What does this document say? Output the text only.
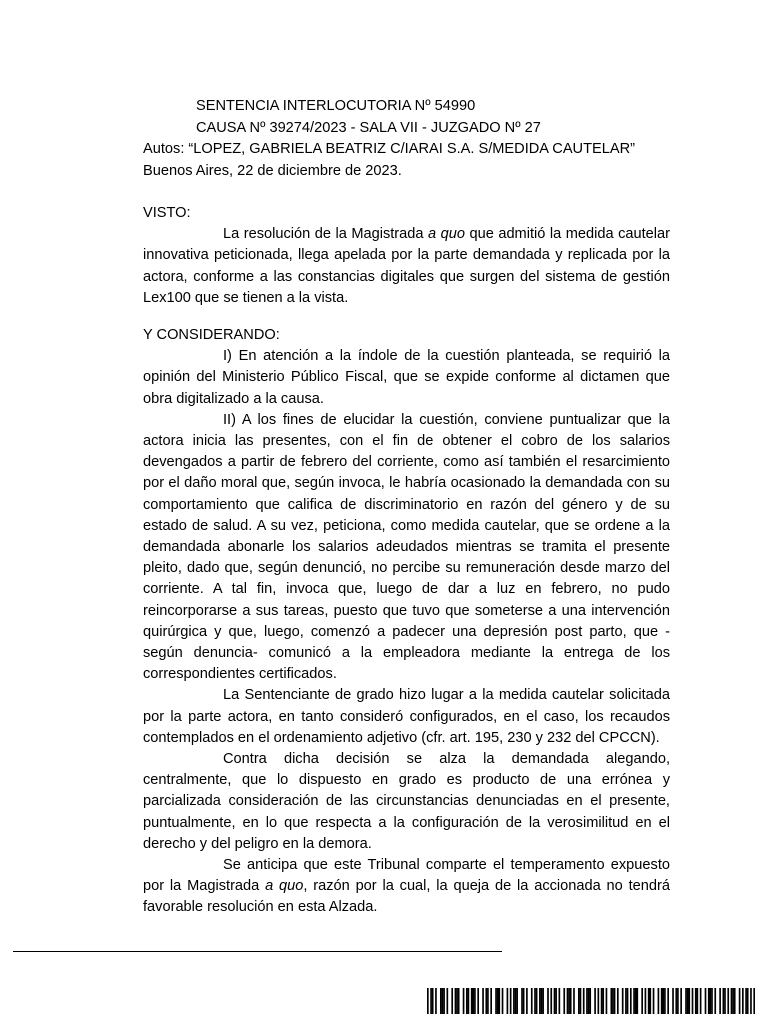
SENTENCIA INTERLOCUTORIA Nº 54990
CAUSA Nº 39274/2023 - SALA VII - JUZGADO Nº 27
Autos: “LOPEZ, GABRIELA BEATRIZ C/IARAI S.A. S/MEDIDA CAUTELAR”
Buenos Aires, 22 de diciembre de 2023.

VISTO:

La resolución de la Magistrada a quo que admitió la medida cautelar innovativa peticionada, llega apelada por la parte demandada y replicada por la actora, conforme a las constancias digitales que surgen del sistema de gestión Lex100 que se tienen a la vista.

Y CONSIDERANDO:

I) En atención a la índole de la cuestión planteada, se requirió la opinión del Ministerio Público Fiscal, que se expide conforme al dictamen que obra digitalizado a la causa.

II) A los fines de elucidar la cuestión, conviene puntualizar que la actora inicia las presentes, con el fin de obtener el cobro de los salarios devengados a partir de febrero del corriente, como así también el resarcimiento por el daño moral que, según invoca, le habría ocasionado la demandada con su comportamiento que califica de discriminatorio en razón del género y de su estado de salud. A su vez, peticiona, como medida cautelar, que se ordene a la demandada abonarle los salarios adeudados mientras se tramita el presente pleito, dado que, según denunció, no percibe su remuneración desde marzo del corriente. A tal fin, invoca que, luego de dar a luz en febrero, no pudo reincorporarse a sus tareas, puesto que tuvo que someterse a una intervención quirúrgica y que, luego, comenzó a padecer una depresión post parto, que -según denuncia- comunicó a la empleadora mediante la entrega de los correspondientes certificados.

La Sentenciante de grado hizo lugar a la medida cautelar solicitada por la parte actora, en tanto consideró configurados, en el caso, los recaudos contemplados en el ordenamiento adjetivo (cfr. art. 195, 230 y 232 del CPCCN).

Contra dicha decisión se alza la demandada alegando, centralmente, que lo dispuesto en grado es producto de una errónea y parcializada consideración de las circunstancias denunciadas en el presente, puntualmente, en lo que respecta a la configuración de la verosimilitud en el derecho y del peligro en la demora.

Se anticipa que este Tribunal comparte el temperamento expuesto por la Magistrada a quo, razón por la cual, la queja de la accionada no tendrá favorable resolución en esta Alzada.
